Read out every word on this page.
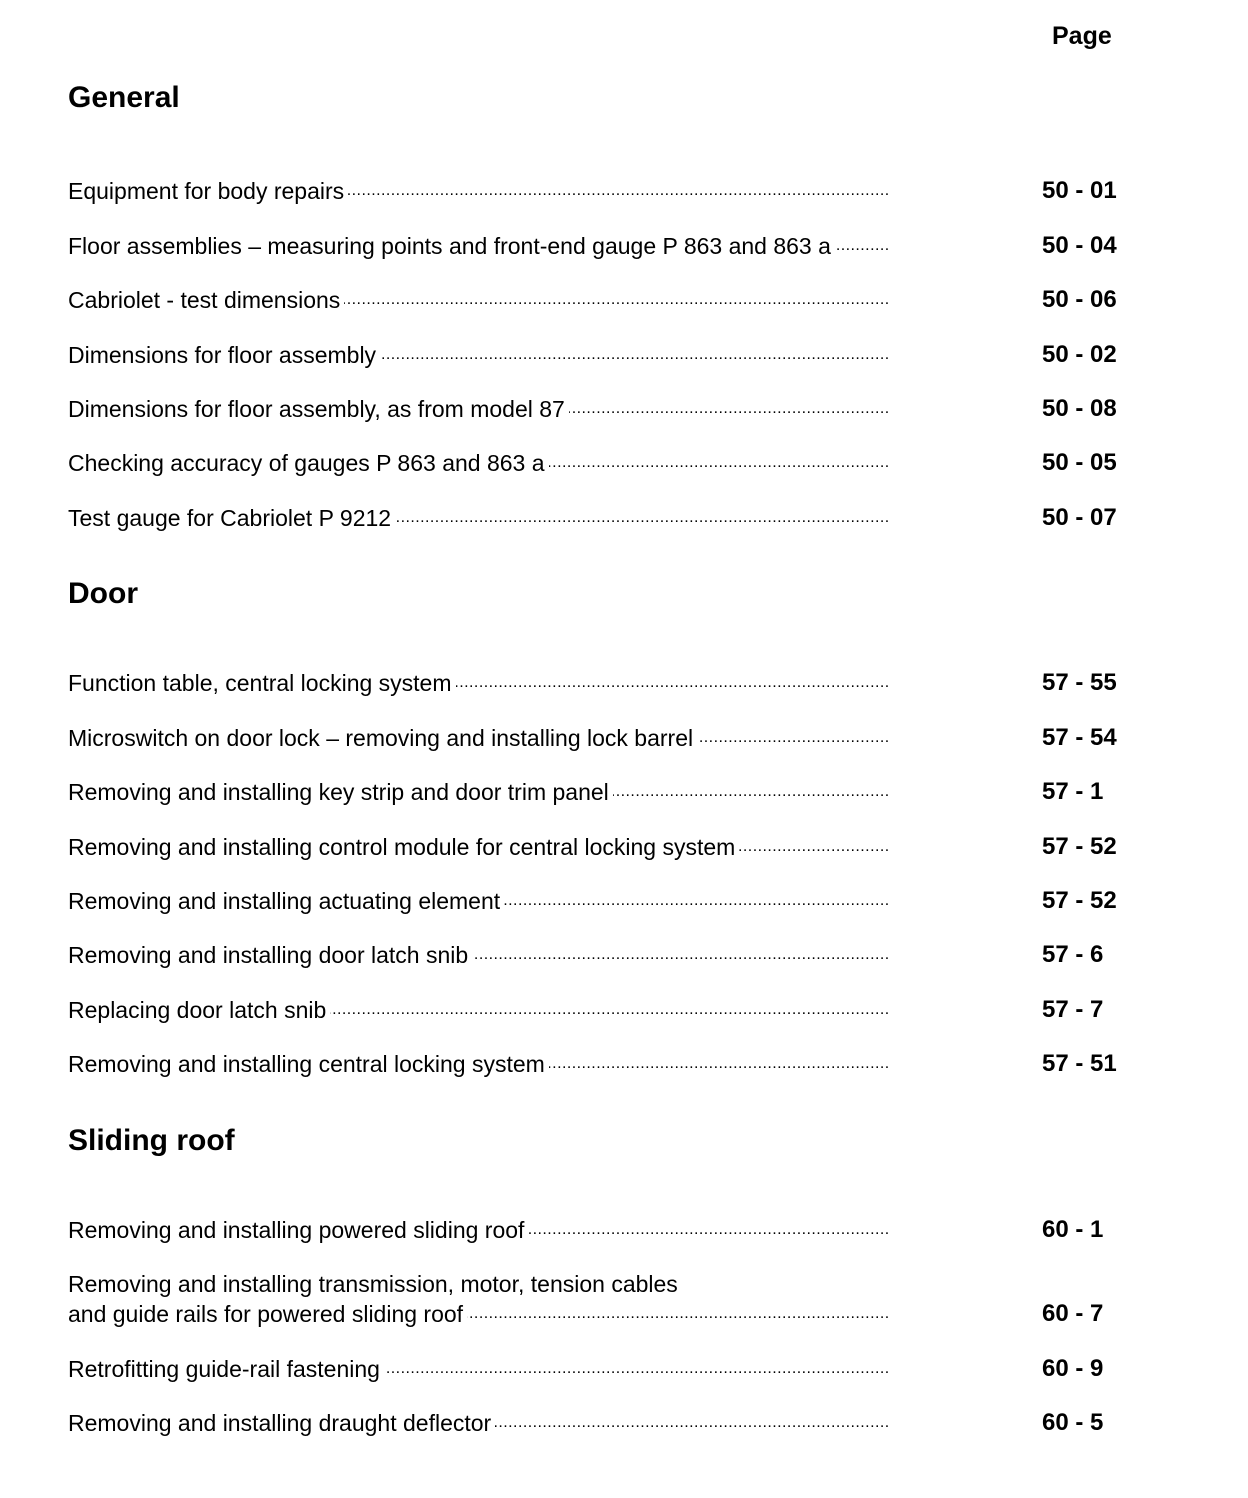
Page
General
Equipment for body repairs . . .	50 - 01
Floor assemblies – measuring points and front-end gauge P 863 and 863 a . . .	50 - 04
Cabriolet - test dimensions . . .	50 - 06
Dimensions for floor assembly . . .	50 - 02
Dimensions for floor assembly, as from model 87 . . .	50 - 08
Checking accuracy of gauges P 863 and 863 a . . .	50 - 05
Test gauge for Cabriolet P 9212 . . .	50 - 07
Door
Function table, central locking system . . .	57 - 55
Microswitch on door lock – removing and installing lock barrel . . .	57 - 54
Removing and installing key strip and door trim panel . . .	57 - 1
Removing and installing control module for central locking system . . .	57 - 52
Removing and installing actuating element . . .	57 - 52
Removing and installing door latch snib . . .	57 - 6
Replacing door latch snib . . .	57 - 7
Removing and installing central locking system . . .	57 - 51
Sliding roof
Removing and installing powered sliding roof . . .	60 - 1
Removing and installing transmission, motor, tension cables
and guide rails for powered sliding roof . . .	60 - 7
Retrofitting guide-rail fastening . . .	60 - 9
Removing and installing draught deflector . . .	60 - 5
